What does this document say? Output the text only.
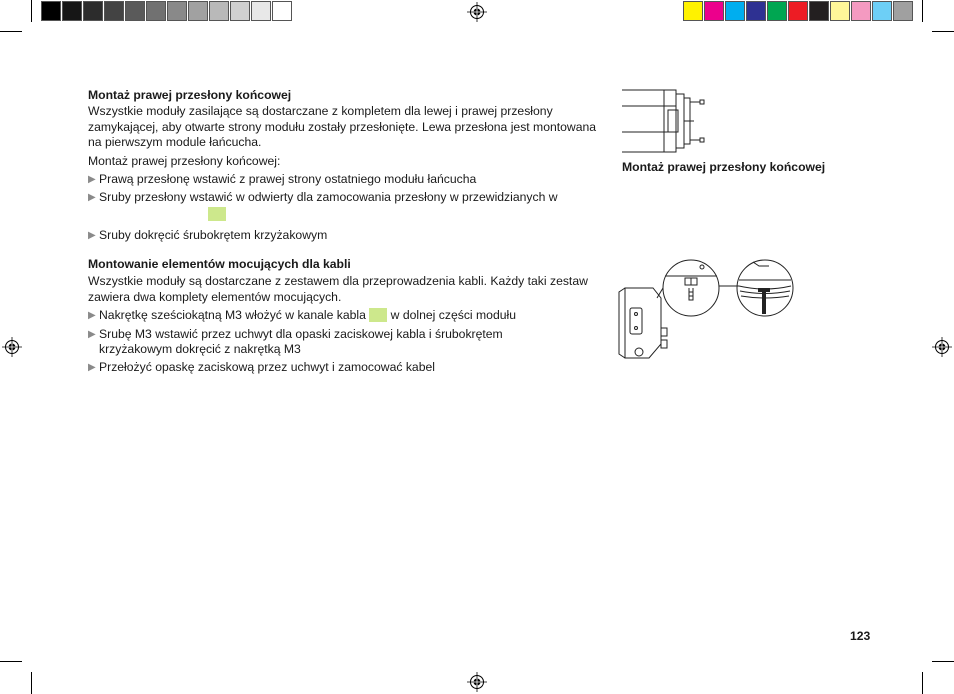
Montaż prawej przesłony końcowej

Wszystkie moduły zasilające są dostarczane z kompletem dla lewej i prawej przesłony zamykającej, aby otwarte strony modułu zostały przesłonięte. Lewa przesłona jest montowana na pierwszym module łańcucha.

Montaż prawej przesłony końcowej:

▶ Prawą przesłonę wstawić z prawej strony ostatniego modułu łańcucha
▶ Sruby przesłony wstawić w odwierty dla zamocowania przesłony w przewidzianych w
▶ Sruby dokręcić śrubokrętem krzyżakowym
Montowanie elementów mocujących dla kabli

Wszystkie moduły są dostarczane z zestawem dla przeprowadzenia kabli. Każdy taki zestaw zawiera dwa komplety elementów mocujących.

▶ Nakrętkę sześciokątną M3 włożyć w kanale kabla w dolnej części modułu
▶ Srubę M3 wstawić przez uchwyt dla opaski zaciskowej kabla i śrubokrętem krzyżakowym dokręcić z nakrętką M3
▶ Przełożyć opaskę zaciskową przez uchwyt i zamocować kabel
Montaż prawej przesłony końcowej
123
